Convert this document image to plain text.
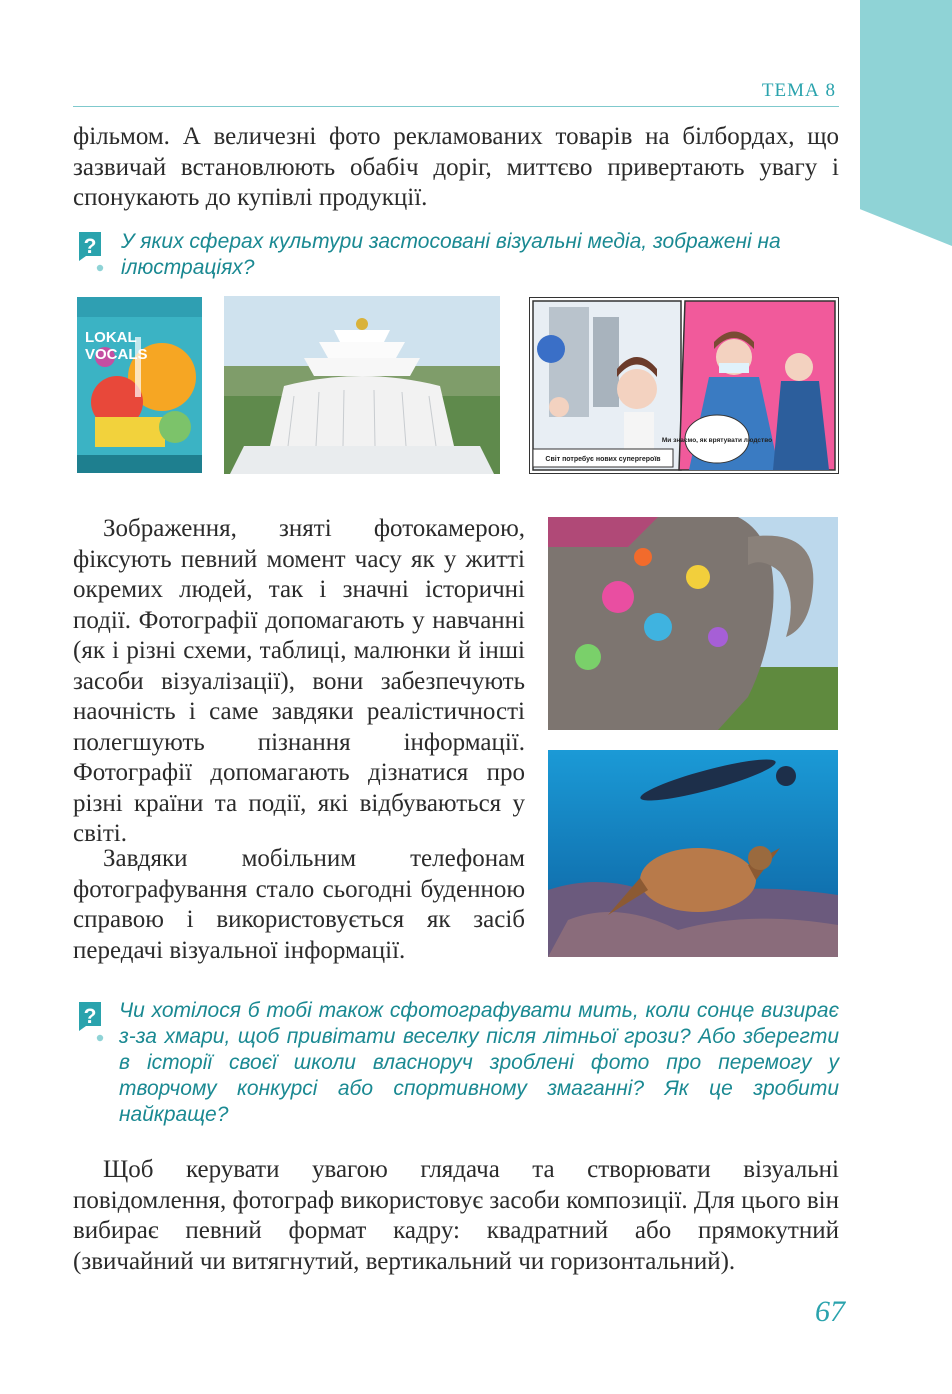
ТЕМА 8

фільмом. А величезні фото рекламованих товарів на білбордах, що зазвичай встановлюють обабіч доріг, миттєво привертають увагу і спонукають до купівлі продукції.

? У яких сферах культури застосовані візуальні медіа, зображені на ілюстраціях?
LOKAL
VOCALS
Світ потребує нових супергероїв
Ми знаємо, як врятувати людство

Зображення, зняті фотокамерою, фіксують певний момент часу як у житті окремих людей, так і значні історичні події. Фотографії допомагають у навчанні (як і різні схеми, таблиці, малюнки й інші засоби візуалізації), вони забезпечують наочність і саме завдяки реалістичності полегшують пізнання інформації. Фотографії допомагають дізнатися про різні країни та події, які відбуваються у світі.

Завдяки мобільним телефонам фотографування стало сьогодні буденною справою і використовується як засіб передачі візуальної інформації.

? Чи хотілося б тобі також сфотографувати мить, коли сонце визирає з-за хмари, щоб привітати веселку після літньої грози? Або зберегти в історії своєї школи власноруч зроблені фото про перемогу у творчому конкурсі або спортивному змаганні? Як це зробити найкраще?

Щоб керувати увагою глядача та створювати візуальні повідомлення, фотограф використовує засоби композиції. Для цього він вибирає певний формат кадру: квадратний або прямокутний (звичайний чи витягнутий, вертикальний чи горизонтальний).

67
